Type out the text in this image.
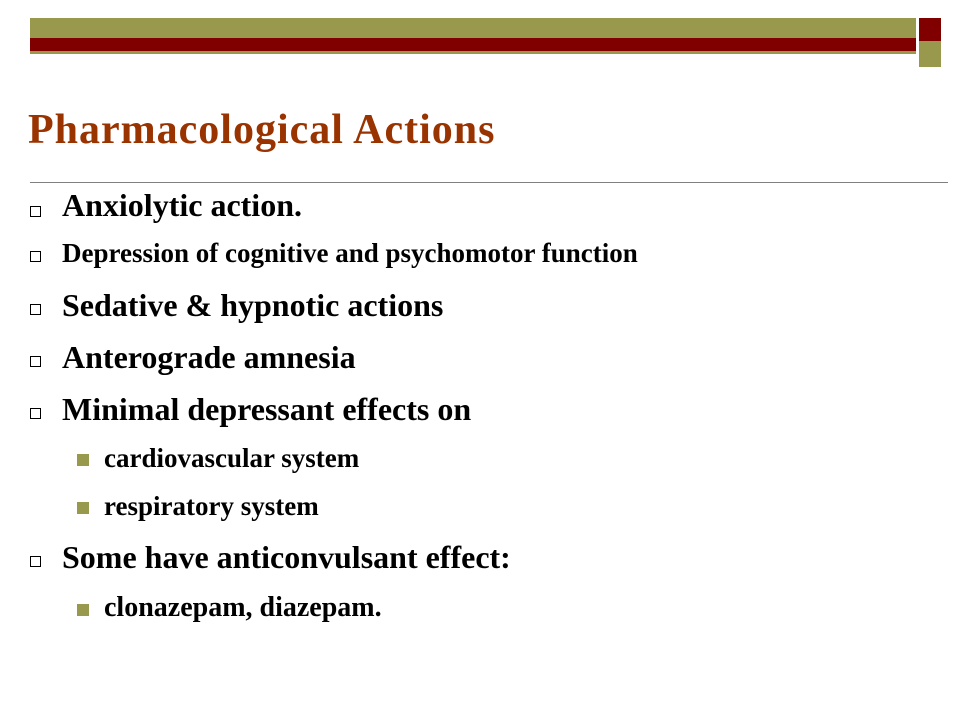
Pharmacological Actions
Anxiolytic action.
Depression of cognitive and psychomotor function
Sedative & hypnotic actions
Anterograde amnesia
Minimal depressant effects on
cardiovascular system
respiratory system
Some have anticonvulsant effect:
clonazepam, diazepam.
